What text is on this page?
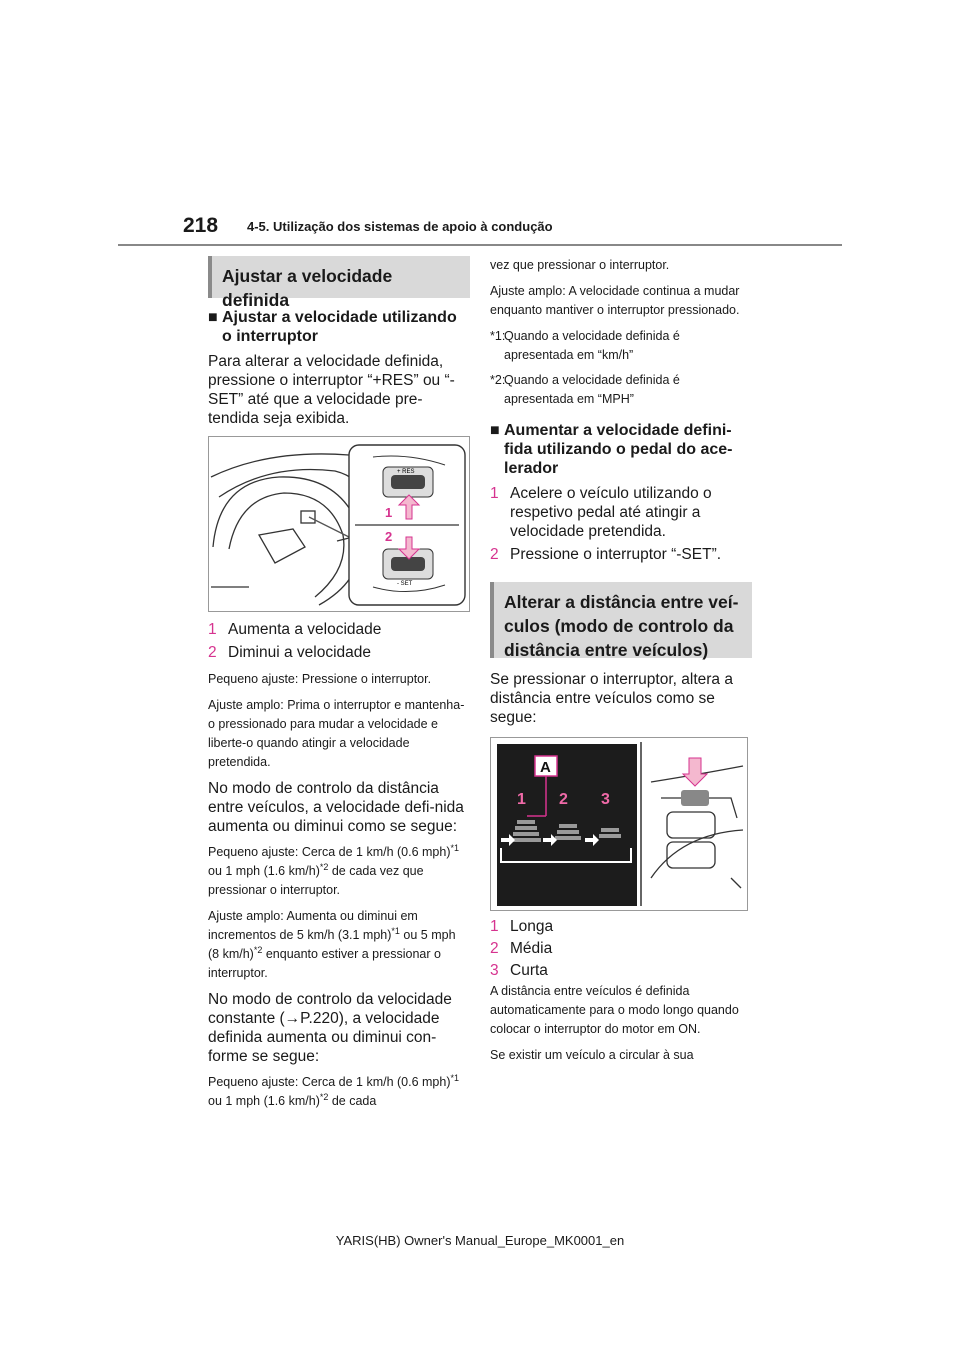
218 4-5. Utilização dos sistemas de apoio à condução
Ajustar a velocidade definida
■ Ajustar a velocidade utilizando o interruptor

Para alterar a velocidade definida, pressione o interruptor “+RES” ou “-SET” até que a velocidade pre-tendida seja exibida.

+ RES
- SET
1
2
1 Aumenta a velocidade
2 Diminui a velocidade

Pequeno ajuste: Pressione o interruptor.

Ajuste amplo: Prima o interruptor e mantenha-o pressionado para mudar a velocidade e liberte-o quando atingir a velocidade pretendida.

No modo de controlo da distância entre veículos, a velocidade defi-nida aumenta ou diminui como se segue:

Pequeno ajuste: Cerca de 1 km/h (0.6 mph)$^{*1}$ ou 1 mph (1.6 km/h)$^{*2}$ de cada vez que pressionar o interruptor.

Ajuste amplo: Aumenta ou diminui em incrementos de 5 km/h (3.1 mph)$^{*1}$ ou 5 mph (8 km/h)$^{*2}$ enquanto estiver a pressionar o interruptor.

No modo de controlo da velocidade constante (→P.220), a velocidade definida aumenta ou diminui con-forme se segue:

Pequeno ajuste: Cerca de 1 km/h (0.6 mph)$^{*1}$ ou 1 mph (1.6 km/h)$^{*2}$ de cada

vez que pressionar o interruptor.

Ajuste amplo: A velocidade continua a mudar enquanto mantiver o interruptor pressionado.

*1:
Quando a velocidade definida é apresentada em “km/h”
*2:
Quando a velocidade definida é apresentada em “MPH”
■ Aumentar a velocidade defini-fida utilizando o pedal do ace-lerador
1 Acelere o veículo utilizando o respetivo pedal até atingir a velocidade pretendida.
2 Pressione o interruptor “-SET”.
Alterar a distância entre veí-culos (modo de controlo da distância entre veículos)

Se pressionar o interruptor, altera a distância entre veículos como se segue:

A
1 2 3
1 Longa
2 Média
3 Curta

A distância entre veículos é definida automaticamente para o modo longo quando colocar o interruptor do motor em ON.

Se existir um veículo a circular à sua

YARIS(HB) Owner's Manual_Europe_MK0001_en
